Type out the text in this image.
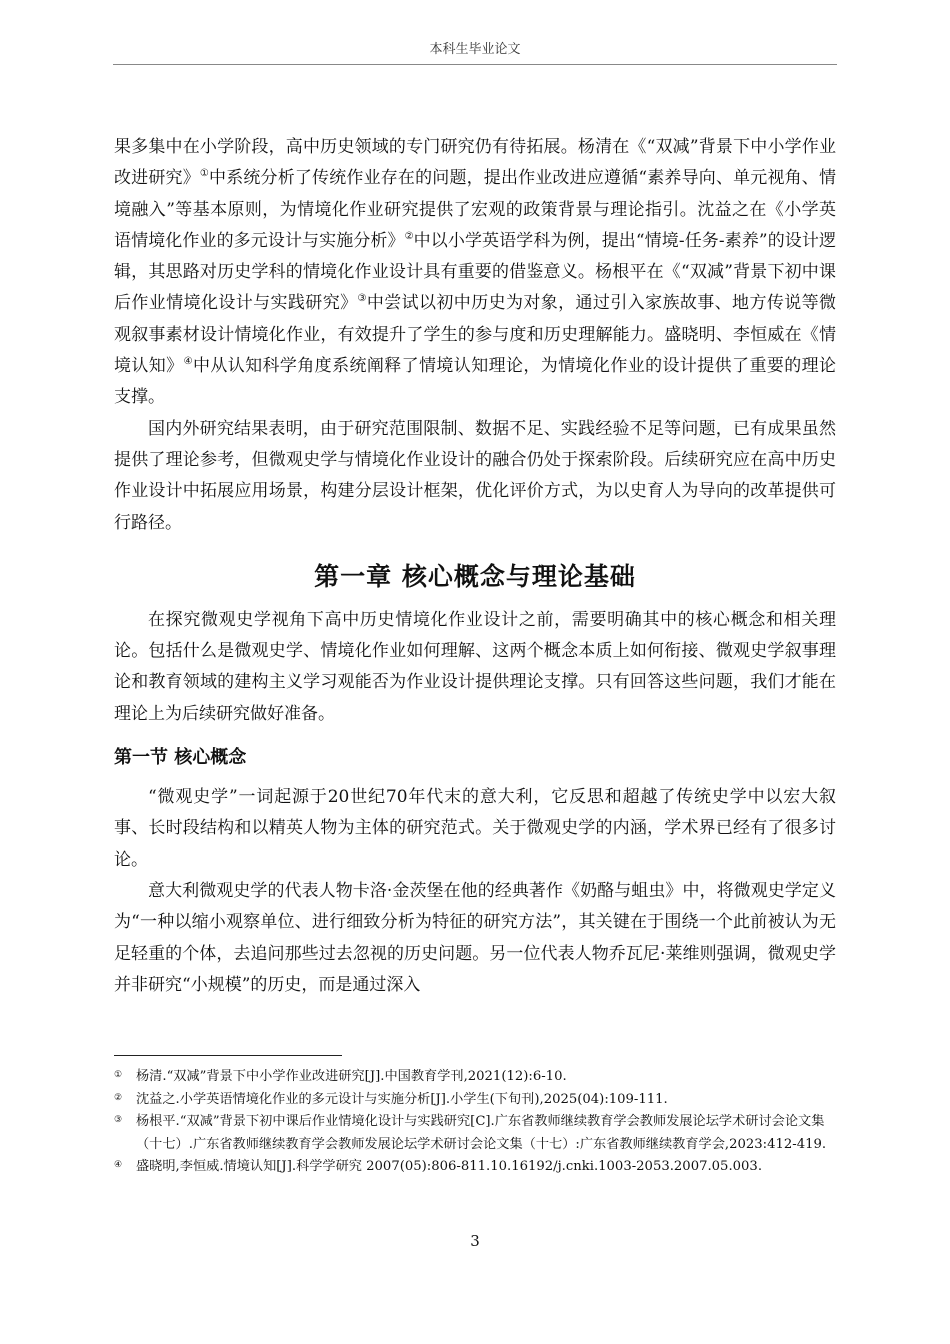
本科生毕业论文

果多集中在小学阶段，高中历史领域的专门研究仍有待拓展。杨清在《“双减”背景下中小学作业改进研究》①中系统分析了传统作业存在的问题，提出作业改进应遵循“素养导向、单元视角、情境融入”等基本原则，为情境化作业研究提供了宏观的政策背景与理论指引。沈益之在《小学英语情境化作业的多元设计与实施分析》②中以小学英语学科为例，提出“情境-任务-素养”的设计逻辑，其思路对历史学科的情境化作业设计具有重要的借鉴意义。杨根平在《“双减”背景下初中课后作业情境化设计与实践研究》③中尝试以初中历史为对象，通过引入家族故事、地方传说等微观叙事素材设计情境化作业，有效提升了学生的参与度和历史理解能力。盛晓明、李恒威在《情境认知》④中从认知科学角度系统阐释了情境认知理论，为情境化作业的设计提供了重要的理论支撑。

国内外研究结果表明，由于研究范围限制、数据不足、实践经验不足等问题，已有成果虽然提供了理论参考，但微观史学与情境化作业设计的融合仍处于探索阶段。后续研究应在高中历史作业设计中拓展应用场景，构建分层设计框架，优化评价方式，为以史育人为导向的改革提供可行路径。

第一章 核心概念与理论基础

在探究微观史学视角下高中历史情境化作业设计之前，需要明确其中的核心概念和相关理论。包括什么是微观史学、情境化作业如何理解、这两个概念本质上如何衔接、微观史学叙事理论和教育领域的建构主义学习观能否为作业设计提供理论支撑。只有回答这些问题，我们才能在理论上为后续研究做好准备。

第一节 核心概念

“微观史学”一词起源于20世纪70年代末的意大利，它反思和超越了传统史学中以宏大叙事、长时段结构和以精英人物为主体的研究范式。关于微观史学的内涵，学术界已经有了很多讨论。

意大利微观史学的代表人物卡洛·金茨堡在他的经典著作《奶酪与蛆虫》中，将微观史学定义为“一种以缩小观察单位、进行细致分析为特征的研究方法”，其关键在于围绕一个此前被认为无足轻重的个体，去追问那些过去忽视的历史问题。另一位代表人物乔瓦尼·莱维则强调，微观史学并非研究“小规模”的历史，而是通过深入

①	杨清.“双减”背景下中小学作业改进研究[J].中国教育学刊,2021(12):6-10.
②	沈益之.小学英语情境化作业的多元设计与实施分析[J].小学生(下旬刊),2025(04):109-111.
③	杨根平.“双减”背景下初中课后作业情境化设计与实践研究[C].广东省教师继续教育学会教师发展论坛学术研讨会论文集（十七）.广东省教师继续教育学会教师发展论坛学术研讨会论文集（十七）:广东省教师继续教育学会,2023:412-419.
④	盛晓明,李恒威.情境认知[J].科学学研究 2007(05):806-811.10.16192/j.cnki.1003-2053.2007.05.003.
3
